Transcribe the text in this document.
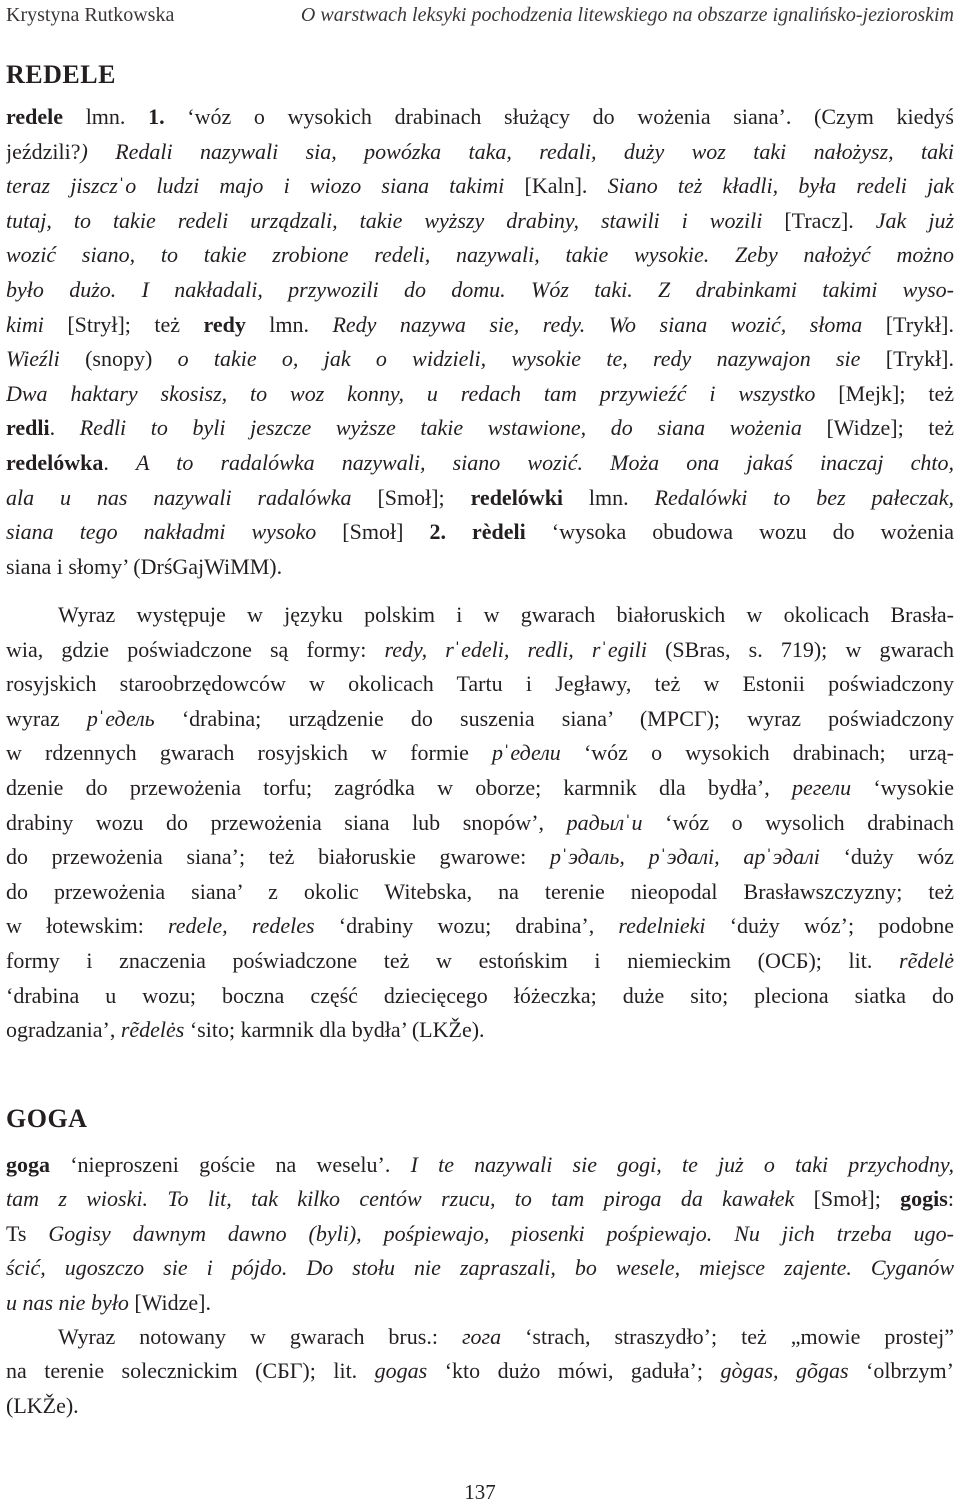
Krystyna Rutkowska	O warstwach leksyki pochodzenia litewskiego na obszarze ignalińsko-jezioroskim
REDELE
redele lmn. 1. ‘wóz o wysokich drabinach służący do wożenia siana’. (Czym kiedyś
jeździli?) Redali nazywali sia, powózka taka, redali, duży woz taki nałożysz, taki
teraz jiszczˈo ludzi majo i wiozo siana takimi [Kaln]. Siano też kładli, była redeli jak
tutaj, to takie redeli urządzali, takie wyższy drabiny, stawili i wozili [Tracz]. Jak już
wozić siano, to takie zrobione redeli, nazywali, takie wysokie. Zeby nałożyć możno
było dużo. I nakładali, przywozili do domu. Wóz taki. Z drabinkami takimi wyso-
kimi [Strył]; też redy lmn. Redy nazywa sie, redy. Wo siana wozić, słoma [Trykł].
Wieźli (snopy) o takie o, jak o widzieli, wysokie te, redy nazywajon sie [Trykł].
Dwa haktary skosisz, to woz konny, u redach tam przywieźć i wszystko [Mejk]; też
redli. Redli to byli jeszcze wyższe takie wstawione, do siana wożenia [Widze]; też
redelówka. A to radalówka nazywali, siano wozić. Moża ona jakaś inaczaj chto,
ala u nas nazywali radalówka [Smoł]; redelówki lmn. Redalówki to bez pałeczak,
siana tego nakładmi wysoko [Smoł] 2. rèdeli ‘wysoka obudowa wozu do wożenia
siana i słomy’ (DrśGajWiMM).
Wyraz występuje w języku polskim i w gwarach białoruskich w okolicach Brasła-
wia, gdzie poświadczone są formy: redy, rˈedeli, redli, rˈegili (SBras, s. 719); w gwarach
rosyjskich staroobrzędowców w okolicach Tartu i Jegławy, też w Estonii poświadczony
wyraz рˈедель ‘drabina; urządzenie do suszenia siana’ (МРСГ); wyraz poświadczony
w rdzennych gwarach rosyjskich w formie рˈедели ‘wóz o wysokich drabinach; urzą-
dzenie do przewożenia torfu; zagródka w oborze; karmnik dla bydła’, регели ‘wysokie
drabiny wozu do przewożenia siana lub snopów’, радылˈи ‘wóz o wysolich drabinach
do przewożenia siana’; też białoruskie gwarowe: рˈэдаль, рˈэдалі, арˈэдалі ‘duży wóz
do przewożenia siana’ z okolic Witebska, na terenie nieopodal Brasławszczyzny; też
w łotewskim: redele, redeles ‘drabiny wozu; drabina’, redelnieki ‘duży wóz’; podobne
formy i znaczenia poświadczone też w estońskim i niemieckim (ОСБ); lit. rẽdelė
‘drabina u wozu; boczna część dziecięcego łóżeczka; duże sito; pleciona siatka do
ogradzania’, rẽdelės ‘sito; karmnik dla bydła’ (LKŽe).
GOGA
goga ‘nieproszeni goście na weselu’. I te nazywali sie gogi, te już o taki przychodny,
tam z wioski. To lit, tak kilko centów rzucu, to tam piroga da kawałek [Smoł]; gogis:
Ts Gogisy dawnym dawno (byli), pośpiewajo, piosenki pośpiewajo. Nu jich trzeba ugo-
ścić, ugoszczo sie i pójdo. Do stołu nie zapraszali, bo wesele, miejsce zajente. Cyganów
u nas nie było [Widze].
Wyraz notowany w gwarach brus.: гога ‘strach, straszydło’; też „mowie prostej”
na terenie solecznickim (СБГ); lit. gogas ‘kto dużo mówi, gaduła’; gògas, gõgas ‘olbrzym’
(LKŽe).
137
